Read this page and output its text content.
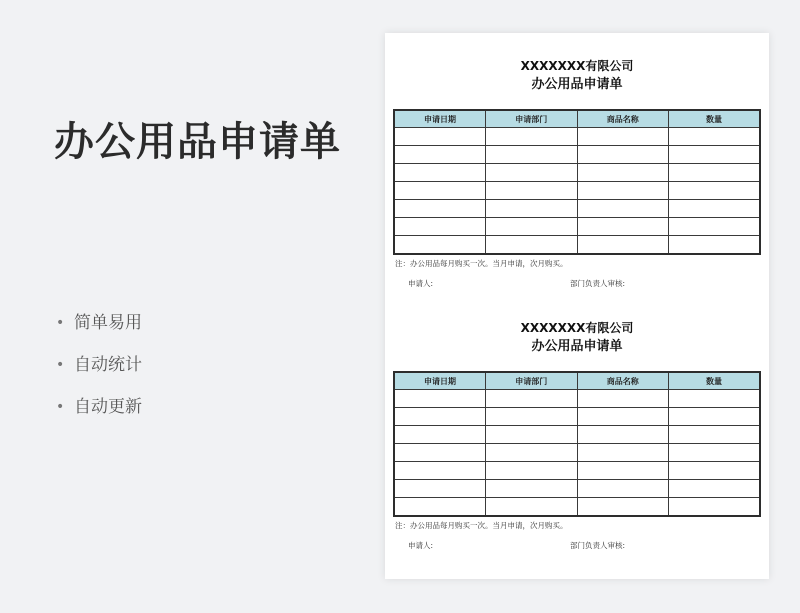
办公用品申请单
• 简单易用
• 自动统计
• 自动更新
XXXXXXX有限公司
办公用品申请单
申请日期	申请部门	商品名称	数量

注：办公用品每月购买一次。当月申请，次月购买。
申请人:	部门负责人审核:
XXXXXXX有限公司
办公用品申请单
申请日期	申请部门	商品名称	数量

注：办公用品每月购买一次。当月申请，次月购买。
申请人:	部门负责人审核:
